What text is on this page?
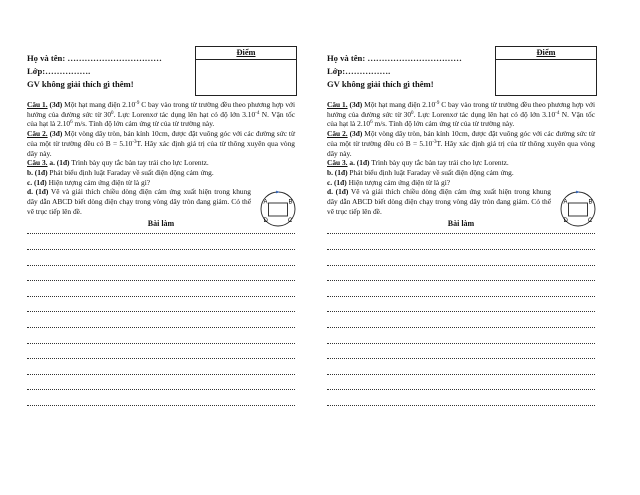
Họ và tên: ……………………………
Lớp:…………….
GV không giải thích gì thêm!
Điểm

Câu 1. (3đ) Một hạt mang điện $2.10^{-9}$ C bay vào trong từ trường đều theo phương hợp với hướng của đường sức từ $30^0$. Lực Lorenxơ tác dụng lên hạt có độ lớn $3.10^{-4}$ N. Vận tốc của hạt là 2.10$^6$ m/s. Tính độ lớn cảm ứng từ của từ trường này.

Câu 2. (3đ) Một vòng dây tròn, bán kính 10cm, được đặt vuông góc với các đường sức từ của một từ trường đều có $B = 5.10^{-3}T$. Hãy xác định giá trị của từ thông xuyên qua vòng dây này.

Câu 3. a. (1đ) Trình bày quy tắc bàn tay trái cho lực Lorentz.

b. (1đ) Phát biểu định luật Faraday về suất điện động cảm ứng.

c. (1đ) Hiện tượng cảm ứng điện từ là gì?

d. (1đ) Vẽ và giải thích chiều dòng điện cảm ứng xuất hiện trong khung dây dẫn ABCD biết dòng điện chạy trong vòng dây tròn đang giảm. Có thể vẽ trục tiếp lên đề.

A	B
C
D
Bài làm
Họ và tên: ……………………………
Lớp:…………….
GV không giải thích gì thêm!
Điểm

Câu 1. (3đ) Một hạt mang điện $2.10^{-9}$ C bay vào trong từ trường đều theo phương hợp với hướng của đường sức từ $30^0$. Lực Lorenxơ tác dụng lên hạt có độ lớn $3.10^{-4}$ N. Vận tốc của hạt là 2.10$^6$ m/s. Tính độ lớn cảm ứng từ của từ trường này.

Câu 2. (3đ) Một vòng dây tròn, bán kính 10cm, được đặt vuông góc với các đường sức từ của một từ trường đều có $B = 5.10^{-3}T$. Hãy xác định giá trị của từ thông xuyên qua vòng dây này.

Câu 3. a. (1đ) Trình bày quy tắc bàn tay trái cho lực Lorentz.

b. (1đ) Phát biểu định luật Faraday về suất điện động cảm ứng.

c. (1đ) Hiện tượng cảm ứng điện từ là gì?

d. (1đ) Vẽ và giải thích chiều dòng điện cảm ứng xuất hiện trong khung dây dẫn ABCD biết dòng điện chạy trong vòng dây tròn đang giảm. Có thể vẽ trục tiếp lên đề.

A	B
C
D
Bài làm
